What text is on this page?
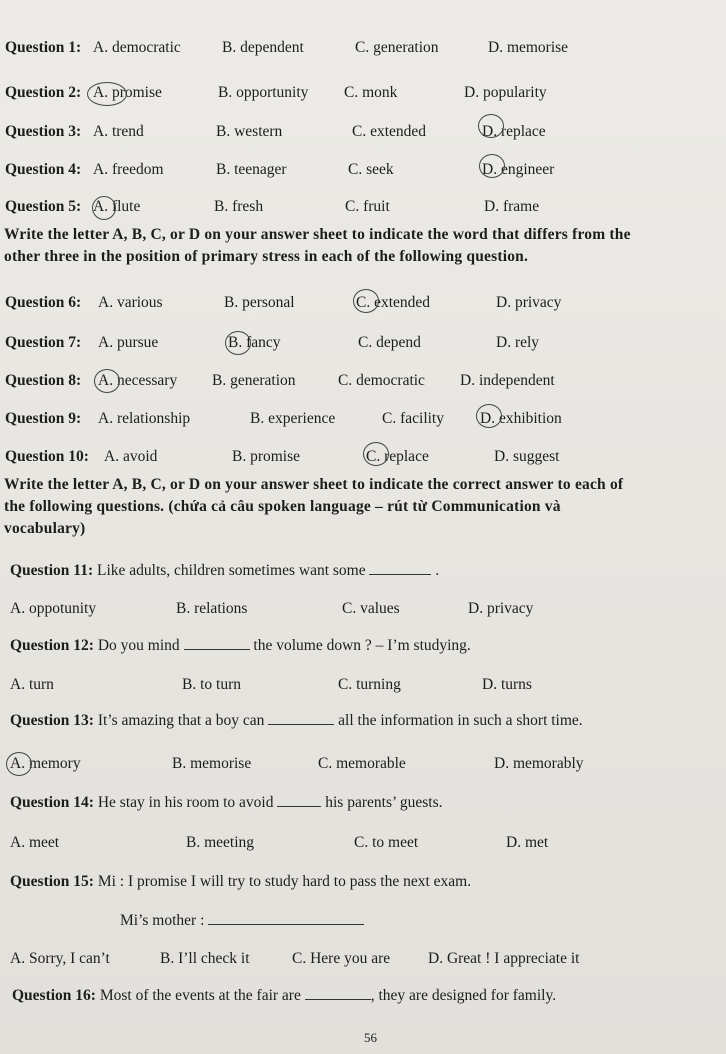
Question 1: A. democratic	B. dependent	C. generation	D. memorise
Question 2: A. promise	B. opportunity C. monk	D. popularity
Question 3: A. trend	B. western	C. extended	D. replace
Question 4: A. freedom	B. teenager	C. seek	D. engineer
Question 5: A. flute	B. fresh	C. fruit	D. frame
Write the letter A, B, C, or D on your answer sheet to indicate the word that differs from the
other three in the position of primary stress in each of the following question.
Question 6: A. various	B. personal	C. extended	D. privacy
Question 7: A. pursue	B. fancy	C. depend	D. rely
Question 8: A. necessary B. generation	C. democratic D. independent
Question 9: A. relationship	B. experience	C. facility D. exhibition
Question 10: A. avoid	B. promise	C. replace	D. suggest
Write the letter A, B, C, or D on your answer sheet to indicate the correct answer to each of
the following questions. (chứa cả câu spoken language – rút từ Communication và
vocabulary)
Question 11: Like adults, children sometimes want some	.
A. oppotunity	B. relations	C. values	D. privacy
Question 12: Do you mind	the volume down ? – I’m studying.
A. turn	B. to turn	C. turning	D. turns
Question 13: It’s amazing that a boy can	all the information in such a short time.
A. memory	B. memorise	C. memorable	D. memorably
Question 14: He stay in his room to avoid	his parents’ guests.
A. meet	B. meeting	C. to meet	D. met
Question 15: Mi : I promise I will try to study hard to pass the next exam.
Mi’s mother :
A. Sorry, I can’t	B. I’ll check it	C. Here you are D. Great ! I appreciate it
Question 16: Most of the events at the fair are	, they are designed for family.
56
